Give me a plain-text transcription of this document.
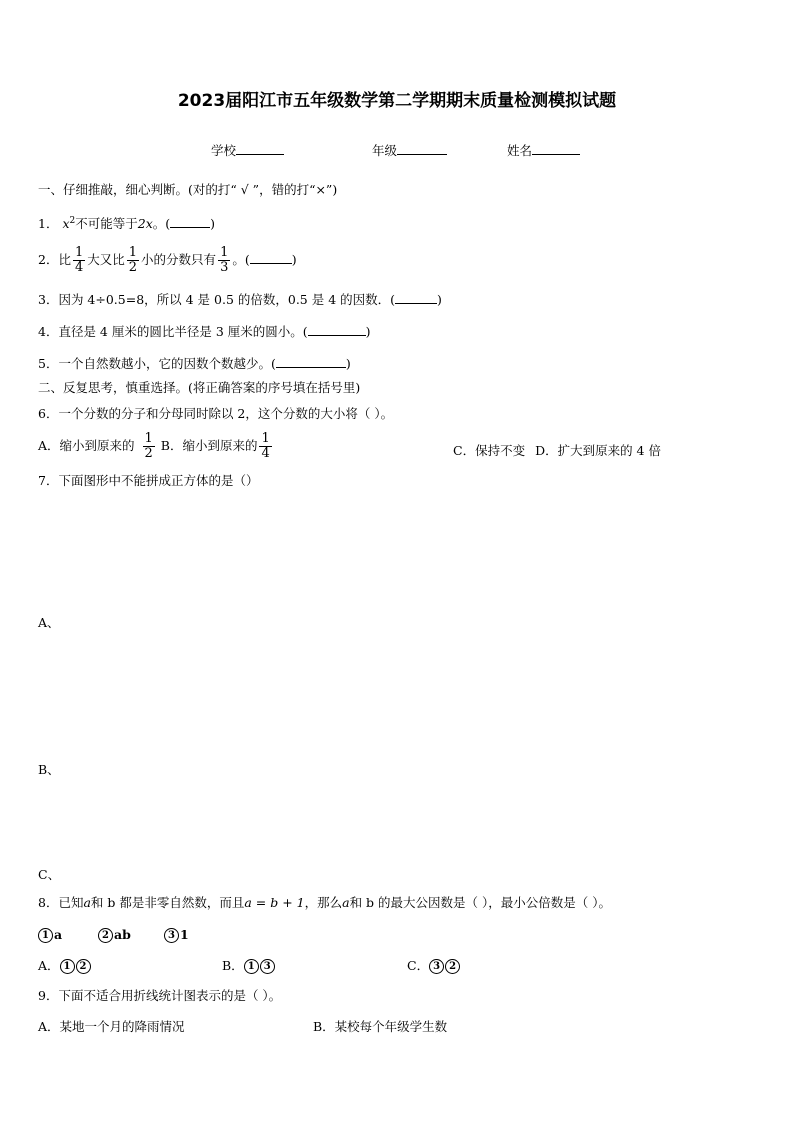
2023届阳江市五年级数学第二学期期末质量检测模拟试题
学校	年级	姓名
一、仔细推敲，细心判断。(对的打“ √ ”，错的打“×”)
1． $x^2$不可能等于2x。(	)
2．比 $\frac{1}{4}$ 大又比 $\frac{1}{2}$ 小的分数只有 $\frac{1}{3}$ 。(	)
3．因为 4÷0.5=8，所以 4 是 0.5 的倍数，0.5 是 4 的因数．(	)
4．直径是 4 厘米的圆比半径是 3 厘米的圆小。(	)
5．一个自然数越小，它的因数个数越少。(	)
二、反复思考，慎重选择。(将正确答案的序号填在括号里)
6．一个分数的分子和分母同时除以 2，这个分数的大小将（ ）。
A．缩小到原来的 $\frac{1}{2}$ B．缩小到原来的 $\frac{1}{4}$	C．保持不变 D．扩大到原来的 4 倍
7．下面图形中不能拼成正方体的是（）
A、
B、
C、
8．已知a和 b 都是非零自然数，而且a = b + 1，那么a和 b 的最大公因数是（ ），最小公倍数是（ ）。
1 a	2 ab	3 1
A． 1 2	B． 1 3	C． 3 2
9．下面不适合用折线统计图表示的是（ ）。
A．某地一个月的降雨情况	B．某校每个年级学生数
